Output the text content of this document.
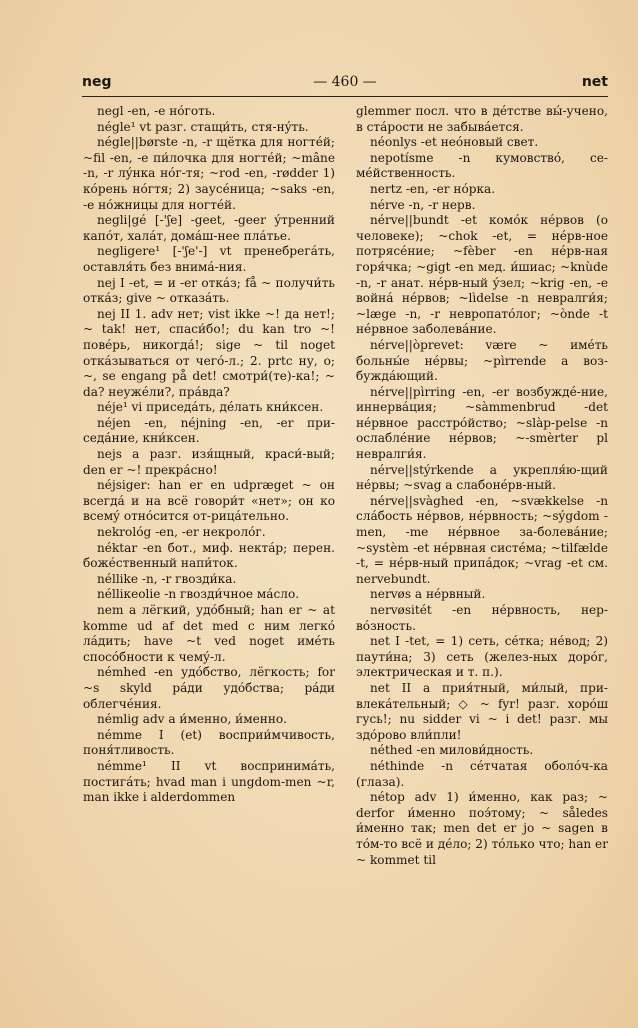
neg	— 460 —	net

negl -en, -e нóготь.

négle¹ vt разг. стащи́ть, стя-нýть.

négle||børste -n, -r щётка для ногтéй; ~fil -en, -e пи́лочка для ногтéй; ~mâne -n, -r лýнка нóг-тя; ~rod -en, -rødder 1) кóрень нóгтя; 2) заусéница; ~saks -en, -e нóжницы для ногтéй.

negli|gé [-'ʃe] -geet, -geer ýтренний капóт, халáт, домáш-нее плáтье.

negligere¹ [-'ʃe'-] vt пренебрегáть, оставля́ть без внимá-ния.

nej I -et, = и -er откáз; få ~ получи́ть откáз; give ~ отказáть.

nej II 1. adv нет; vist ikke ~! да нет!; ~ tak! нет, спаси́бо!; du kan tro ~! повéрь, никогдá!; sige ~ til noget откáзываться от чегó-л.; 2. prtc ну, о; ~, se engang på det! смотри́(те)-ка!; ~ da? неужéли?, прáвда?

néje¹ vi приседáть, дéлать кни́ксен.

néjen -en, néjning -en, -er при-седáние, кни́ксен.

nejs a разг. изя́щный, краси́-вый; den er ~! прекрáсно!

néjsiger: han er en udpræget ~ он всегдá и на всё говори́т «нет»; он ко всемý отнóсится от-рицáтельно.

nekrológ -en, -er некролóг.

néktar -en бот., миф. нектáр; перен. божéственный напи́ток.

néllike -n, -r гвозди́ка.

nélliкеolie -n гвозди́чное мáсло.

nem a лёгкий, удóбный; han er ~ at komme ud af det med с ним легкó лáдить; have ~t ved noget имéть спосóбности к чемý-л.

némhed -en удóбство, лёгкость; for ~s skyld рáди удóбства; рáди облегчéния.

némlig adv а и́менно, и́менно.

némme I (et) восприи́мчивость, поня́тливость.

némme¹ II vt воспринимáть, постигáть; hvad man i ungdom-men ~r, man ikke i alderdommen

glemmer посл. что в дéтстве вы́-учено, в стáрости не забывáется.

néonlys -et неóновый свет.

nepotísme -n кумовствó, се-мéйственность.

nertz -en, -er нóрка.

nérve -n, -r нерв.

nérve||bundt -et комóк нéрвов (о человеке); ~chok -et, = нéрв-ное потрясéние; ~fèber -en нéрв-ная горя́чка; ~gigt -en мед. и́шиас; ~knùde -n, -r анат. нéрв-ный ýзел; ~krig -en, -e войнá нéрвов; ~lìdelse -n невралги́я; ~læge -n, -r невропатóлог; ~ònde -t нéрвное заболевáние.

nérve||òprevet: være ~ имéть больны́е нéрвы; ~pìrrende a воз-буждáющий.

nérve||pìrring -en, -er возбуждé-ние, иннервáция; ~sàmmenbrud -det нéрвное расстрóйство; ~slàp-pelse -n ослаблéние нéрвов; ~-smèrter pl невралги́я.

nérve||stýrkende a укрепля́ю-щий нéрвы; ~svag a слабонéрв-ный.

nérve||svàghed -en, ~svækkelse -n слáбость нéрвов, нéрвность; ~sýgdom -men, -me нéрвное за-болевáние; ~systèm -et нéрвная систéма; ~tilfælde -t, = нéрв-ный припáдок; ~vrag -et см. nervebundt.

nervøs a нéрвный.

nervøsitét -en нéрвность, нер-вóзность.

net I -tet, = 1) сеть, сéтка; нéвод; 2) паути́на; 3) сеть (желез-ных дорóг, электрическая и т. п.).

net II а прия́тный, ми́лый, при-влекáтельный; ◇ ~ fyr! разг. хорóш гусь!; nu sidder vi ~ i det! разг. мы здóрово вли́пли!

néthed -en милови́дность.

néthinde -n сéтчатая оболóч-ка (глаза).

nétop adv 1) и́менно, как раз; ~ derfor и́менно поэ́тому; ~ således и́менно так; men det er jo ~ sagen в тóм-то всё и дéло; 2) тóлько что; han er ~ kommet til
